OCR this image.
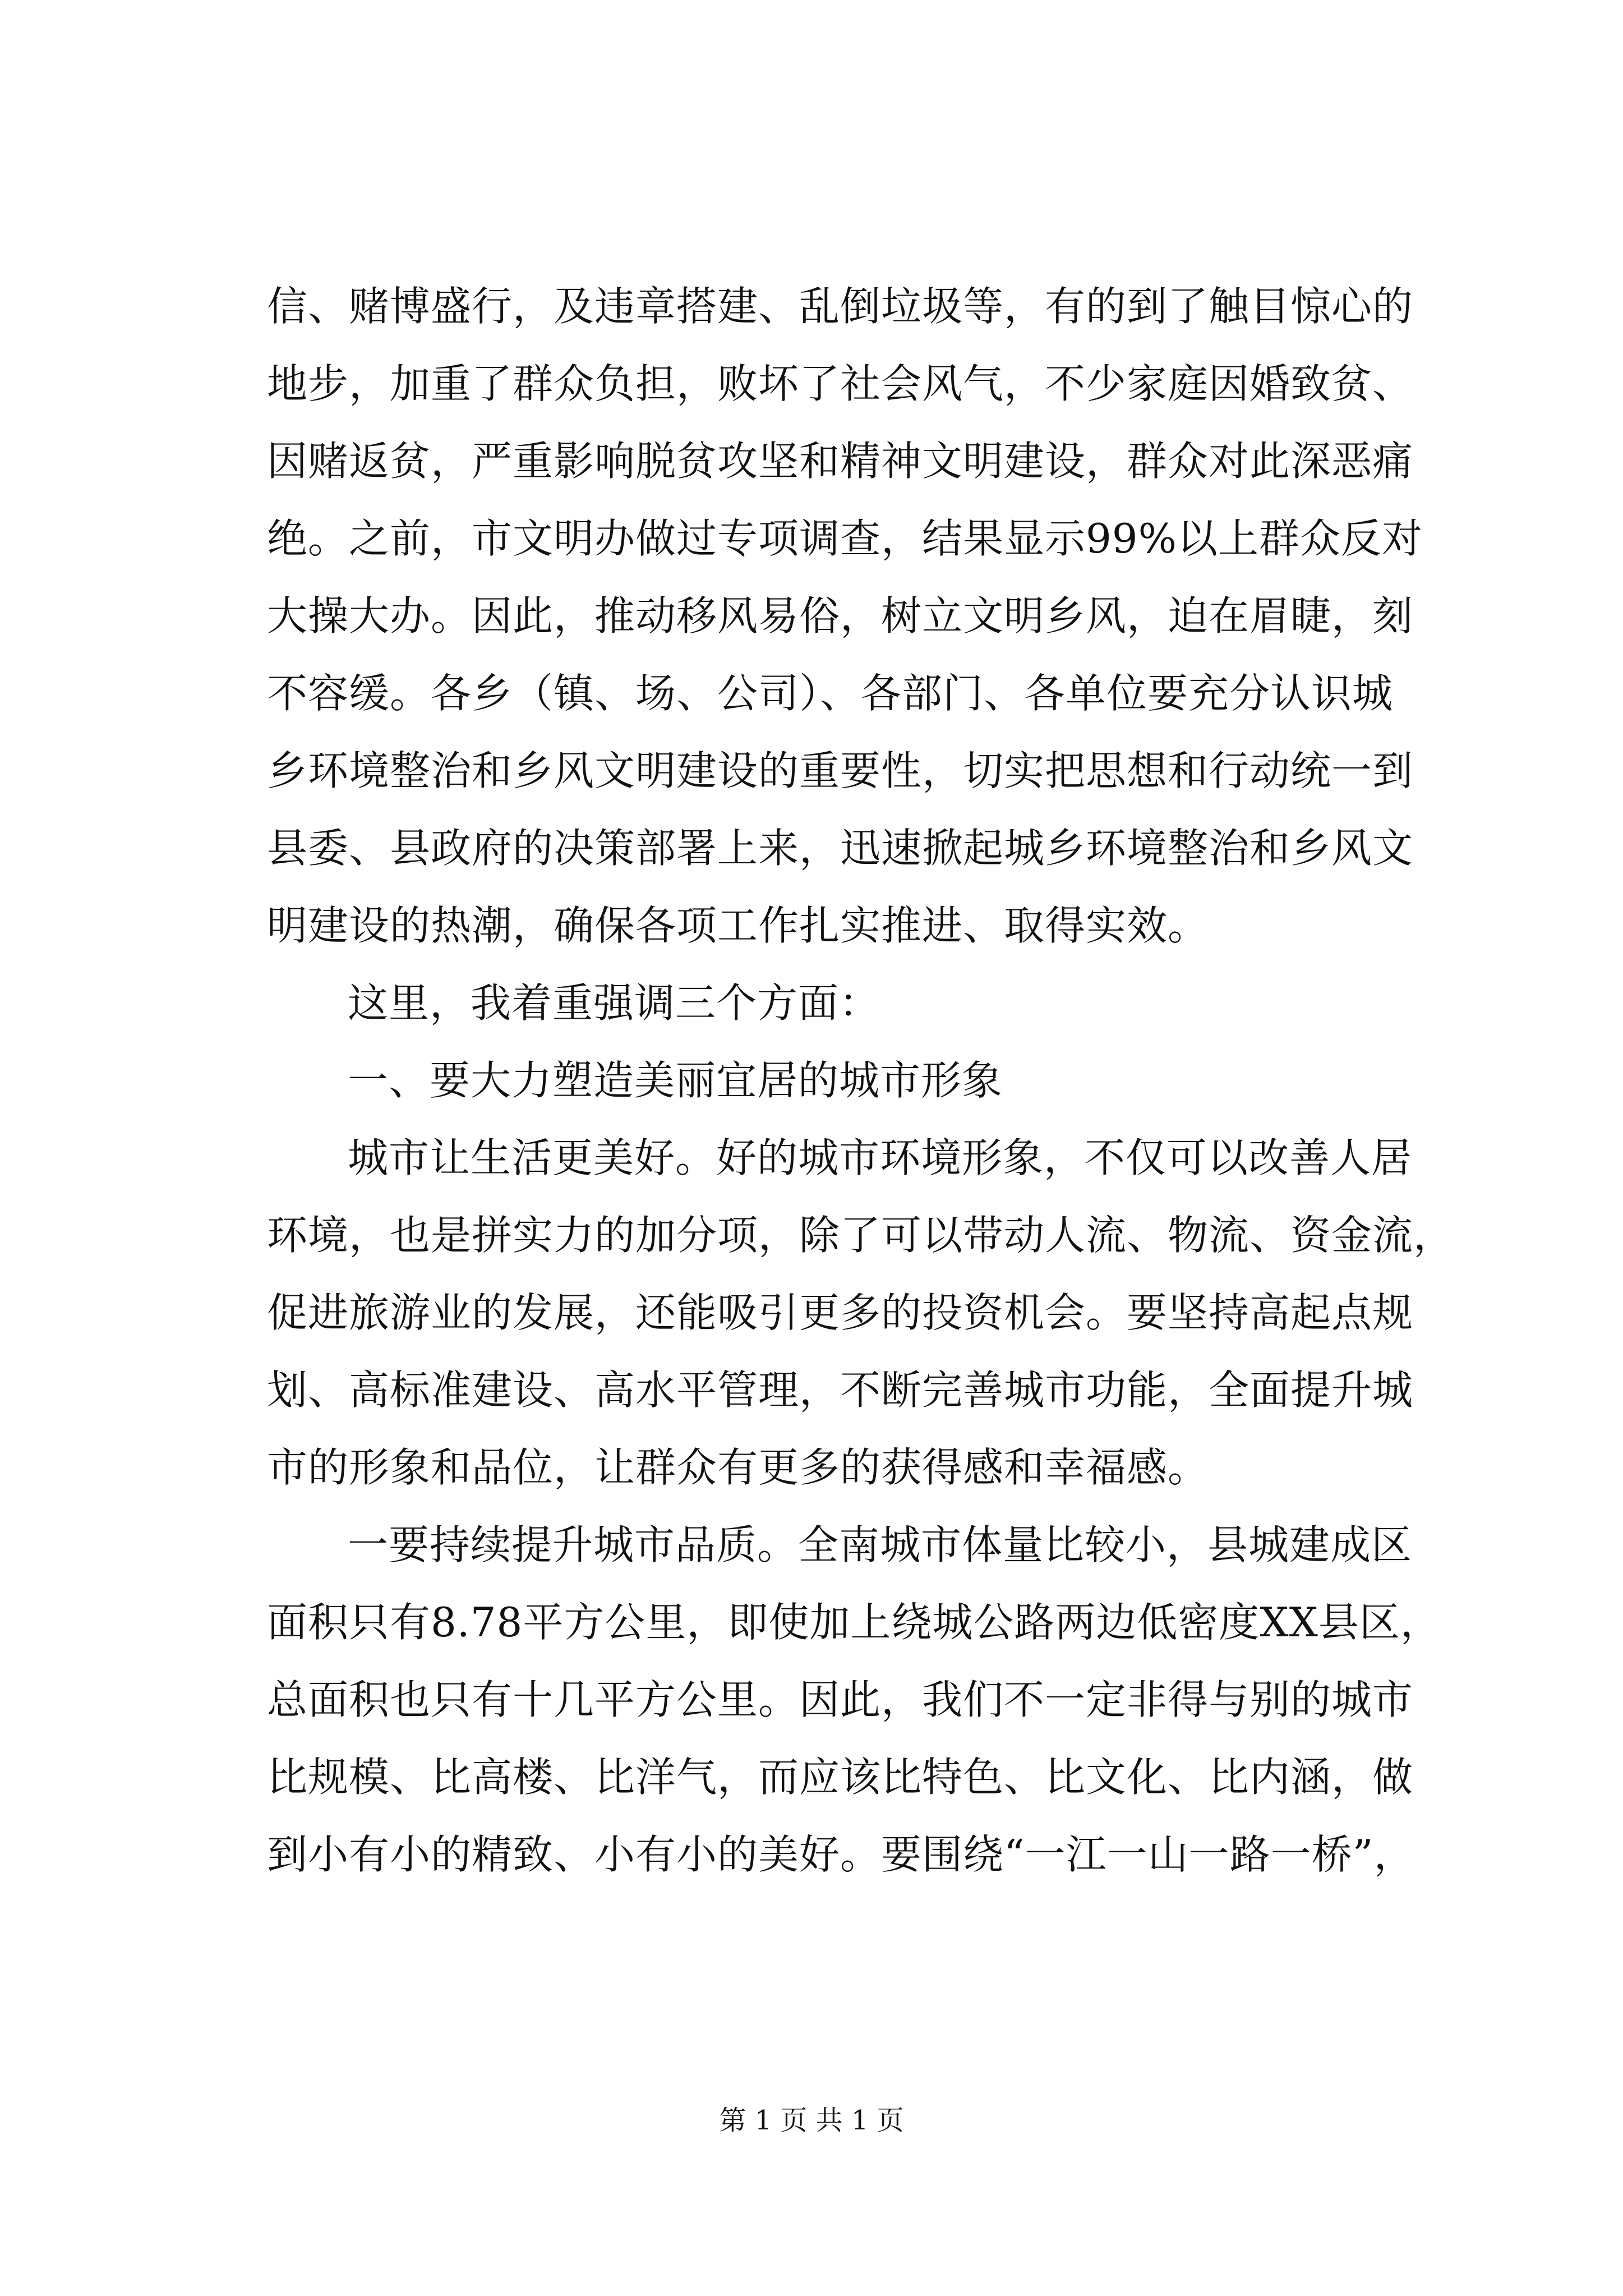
信、赌博盛行，及违章搭建、乱倒垃圾等，有的到了触目惊心的
地步，加重了群众负担，败坏了社会风气，不少家庭因婚致贫、
因赌返贫，严重影响脱贫攻坚和精神文明建设，群众对此深恶痛
绝。之前，市文明办做过专项调查，结果显示99%以上群众反对
大操大办。因此，推动移风易俗，树立文明乡风，迫在眉睫，刻
不容缓。各乡（镇、场、公司）、各部门、各单位要充分认识城
乡环境整治和乡风文明建设的重要性，切实把思想和行动统一到
县委、县政府的决策部署上来，迅速掀起城乡环境整治和乡风文
明建设的热潮，确保各项工作扎实推进、取得实效。
这里，我着重强调三个方面：
一、要大力塑造美丽宜居的城市形象
城市让生活更美好。好的城市环境形象，不仅可以改善人居
环境，也是拼实力的加分项，除了可以带动人流、物流、资金流，
促进旅游业的发展，还能吸引更多的投资机会。要坚持高起点规
划、高标准建设、高水平管理，不断完善城市功能，全面提升城
市的形象和品位，让群众有更多的获得感和幸福感。
一要持续提升城市品质。全南城市体量比较小，县城建成区
面积只有8.78平方公里，即使加上绕城公路两边低密度XX县区，
总面积也只有十几平方公里。因此，我们不一定非得与别的城市
比规模、比高楼、比洋气，而应该比特色、比文化、比内涵，做
到小有小的精致、小有小的美好。要围绕“一江一山一路一桥”，
第 1 页 共 1 页
